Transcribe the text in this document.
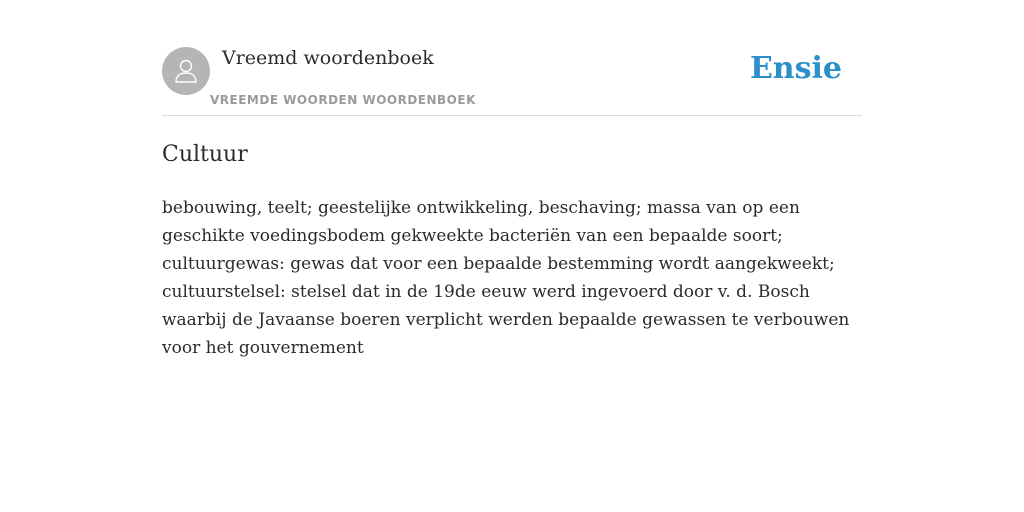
Vreemd woordenboek
VREEMDE WOORDEN WOORDENBOEK
Ensie
Cultuur

bebouwing, teelt; geestelijke ontwikkeling, beschaving; massa van op een geschikte voedingsbodem gekweekte bacteriën van een bepaalde soort; cultuurgewas: gewas dat voor een bepaalde bestemming wordt aangekweekt; cultuurstelsel: stelsel dat in de 19de eeuw werd ingevoerd door v. d. Bosch waarbij de Javaanse boeren verplicht werden bepaalde gewassen te verbouwen voor het gouvernement
